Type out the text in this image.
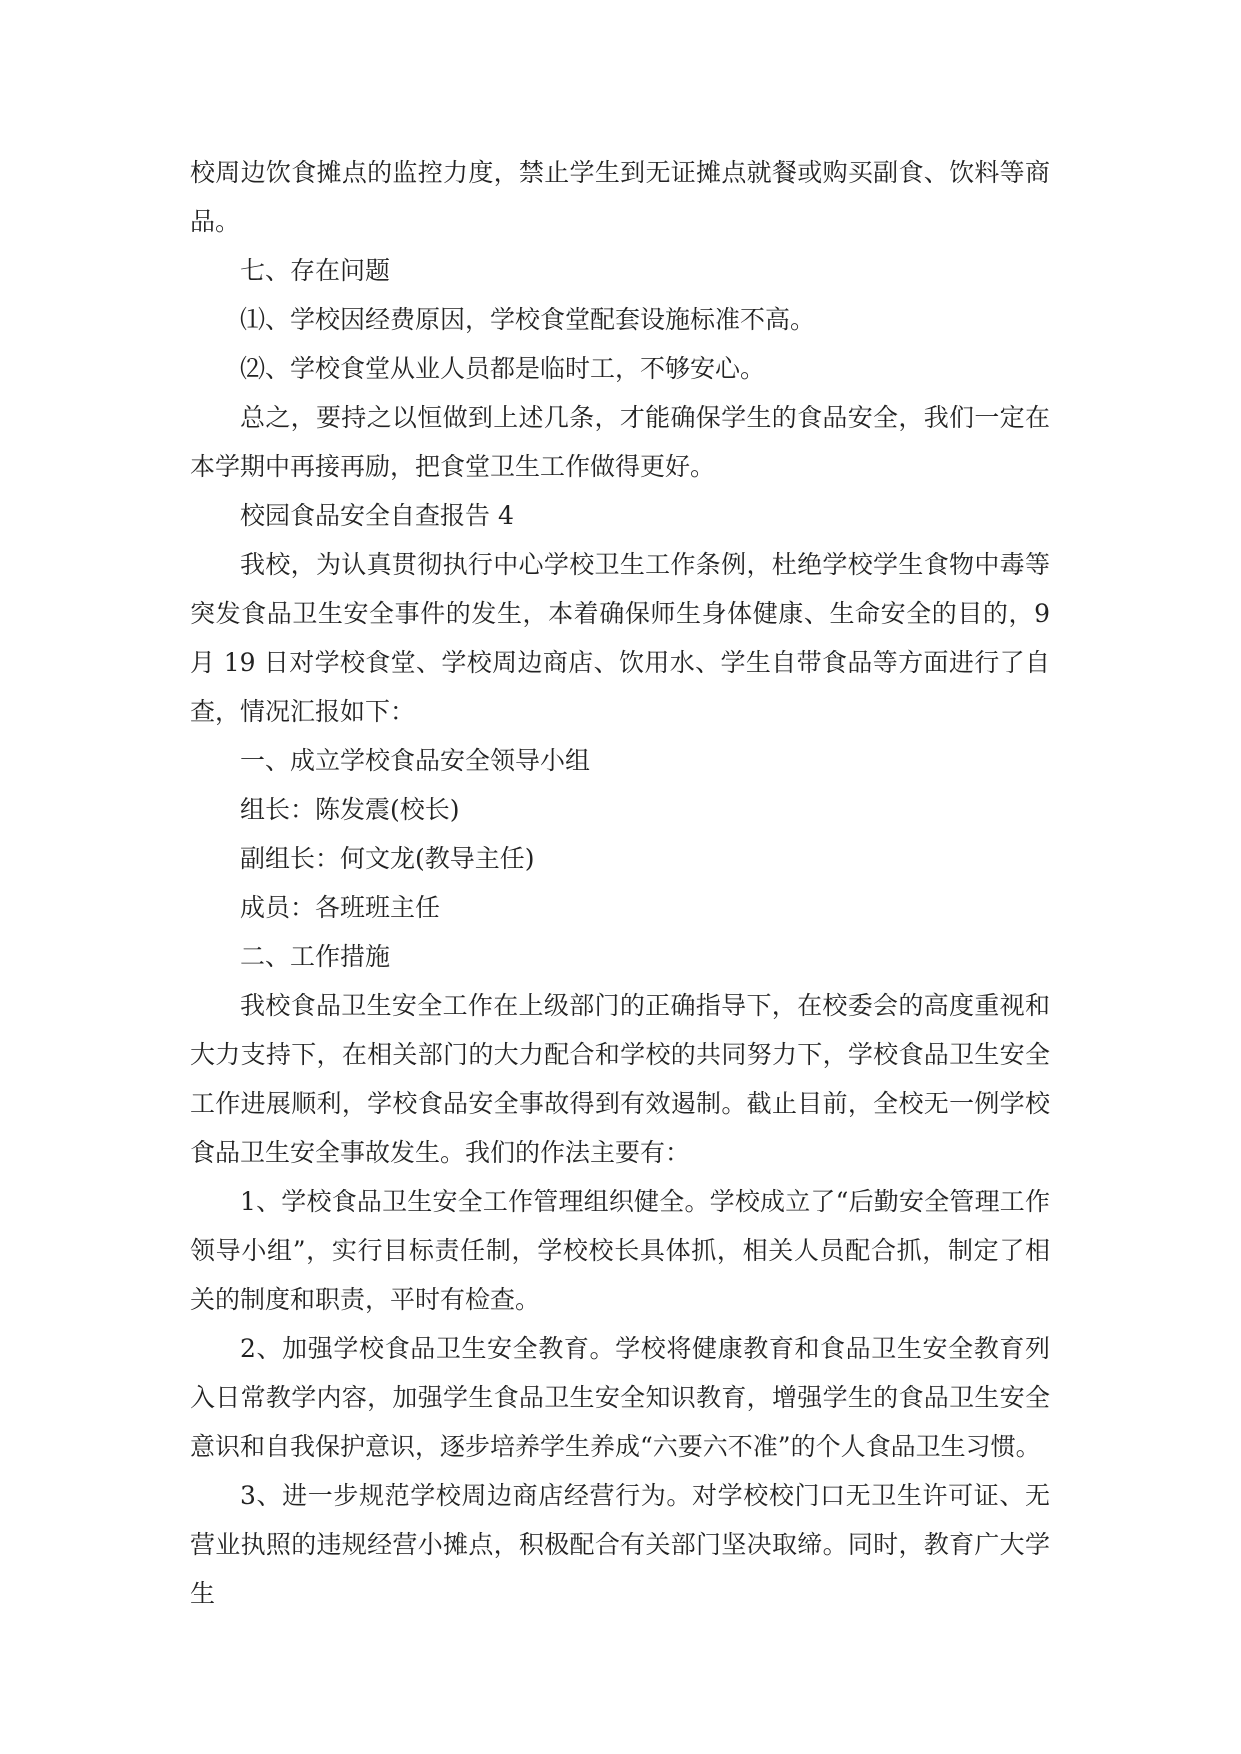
校周边饮食摊点的监控力度，禁止学生到无证摊点就餐或购买副食、饮料等商品。

七、存在问题

⑴、学校因经费原因，学校食堂配套设施标准不高。

⑵、学校食堂从业人员都是临时工，不够安心。

总之，要持之以恒做到上述几条，才能确保学生的食品安全，我们一定在本学期中再接再励，把食堂卫生工作做得更好。

校园食品安全自查报告 4

我校，为认真贯彻执行中心学校卫生工作条例，杜绝学校学生食物中毒等突发食品卫生安全事件的发生，本着确保师生身体健康、生命安全的目的，9 月 19 日对学校食堂、学校周边商店、饮用水、学生自带食品等方面进行了自查，情况汇报如下：

一、成立学校食品安全领导小组

组长：陈发震(校长)

副组长：何文龙(教导主任)

成员：各班班主任

二、工作措施

我校食品卫生安全工作在上级部门的正确指导下，在校委会的高度重视和大力支持下，在相关部门的大力配合和学校的共同努力下，学校食品卫生安全工作进展顺利，学校食品安全事故得到有效遏制。截止目前，全校无一例学校食品卫生安全事故发生。我们的作法主要有：

1、学校食品卫生安全工作管理组织健全。学校成立了“后勤安全管理工作领导小组”，实行目标责任制，学校校长具体抓，相关人员配合抓，制定了相关的制度和职责，平时有检查。

2、加强学校食品卫生安全教育。学校将健康教育和食品卫生安全教育列入日常教学内容，加强学生食品卫生安全知识教育，增强学生的食品卫生安全意识和自我保护意识，逐步培养学生养成“六要六不准”的个人食品卫生习惯。

3、进一步规范学校周边商店经营行为。对学校校门口无卫生许可证、无营业执照的违规经营小摊点，积极配合有关部门坚决取缔。同时，教育广大学生
